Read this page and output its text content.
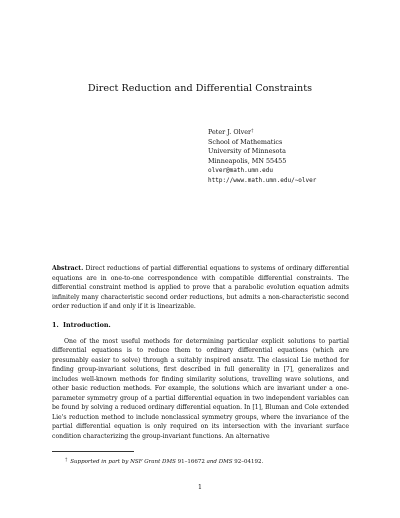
Direct Reduction and Differential Constraints
Peter J. Olver†
School of Mathematics
University of Minnesota
Minneapolis, MN 55455
olver@math.umn.edu
http://www.math.umn.edu/∼olver
Abstract. Direct reductions of partial differential equations to systems of ordinary differential equations are in one-to-one correspondence with compatible differential constraints. The differential constraint method is applied to prove that a parabolic evolution equation admits infinitely many characteristic second order reductions, but admits a non-characteristic second order reduction if and only if it is linearizable.
1. Introduction.
One of the most useful methods for determining particular explicit solutions to partial differential equations is to reduce them to ordinary differential equations (which are presumably easier to solve) through a suitably inspired ansatz. The classical Lie method for finding group-invariant solutions, first described in full generality in [7], generalizes and includes well-known methods for finding similarity solutions, travelling wave solutions, and other basic reduction methods. For example, the solutions which are invariant under a one-parameter symmetry group of a partial differential equation in two independent variables can be found by solving a reduced ordinary differential equation. In [1], Bluman and Cole extended Lie's reduction method to include nonclassical symmetry groups, where the invariance of the partial differential equation is only required on its intersection with the invariant surface condition characterizing the group-invariant functions. An alternative
† Supported in part by NSF Grant DMS 91–16672 and DMS 92–04192.
1
